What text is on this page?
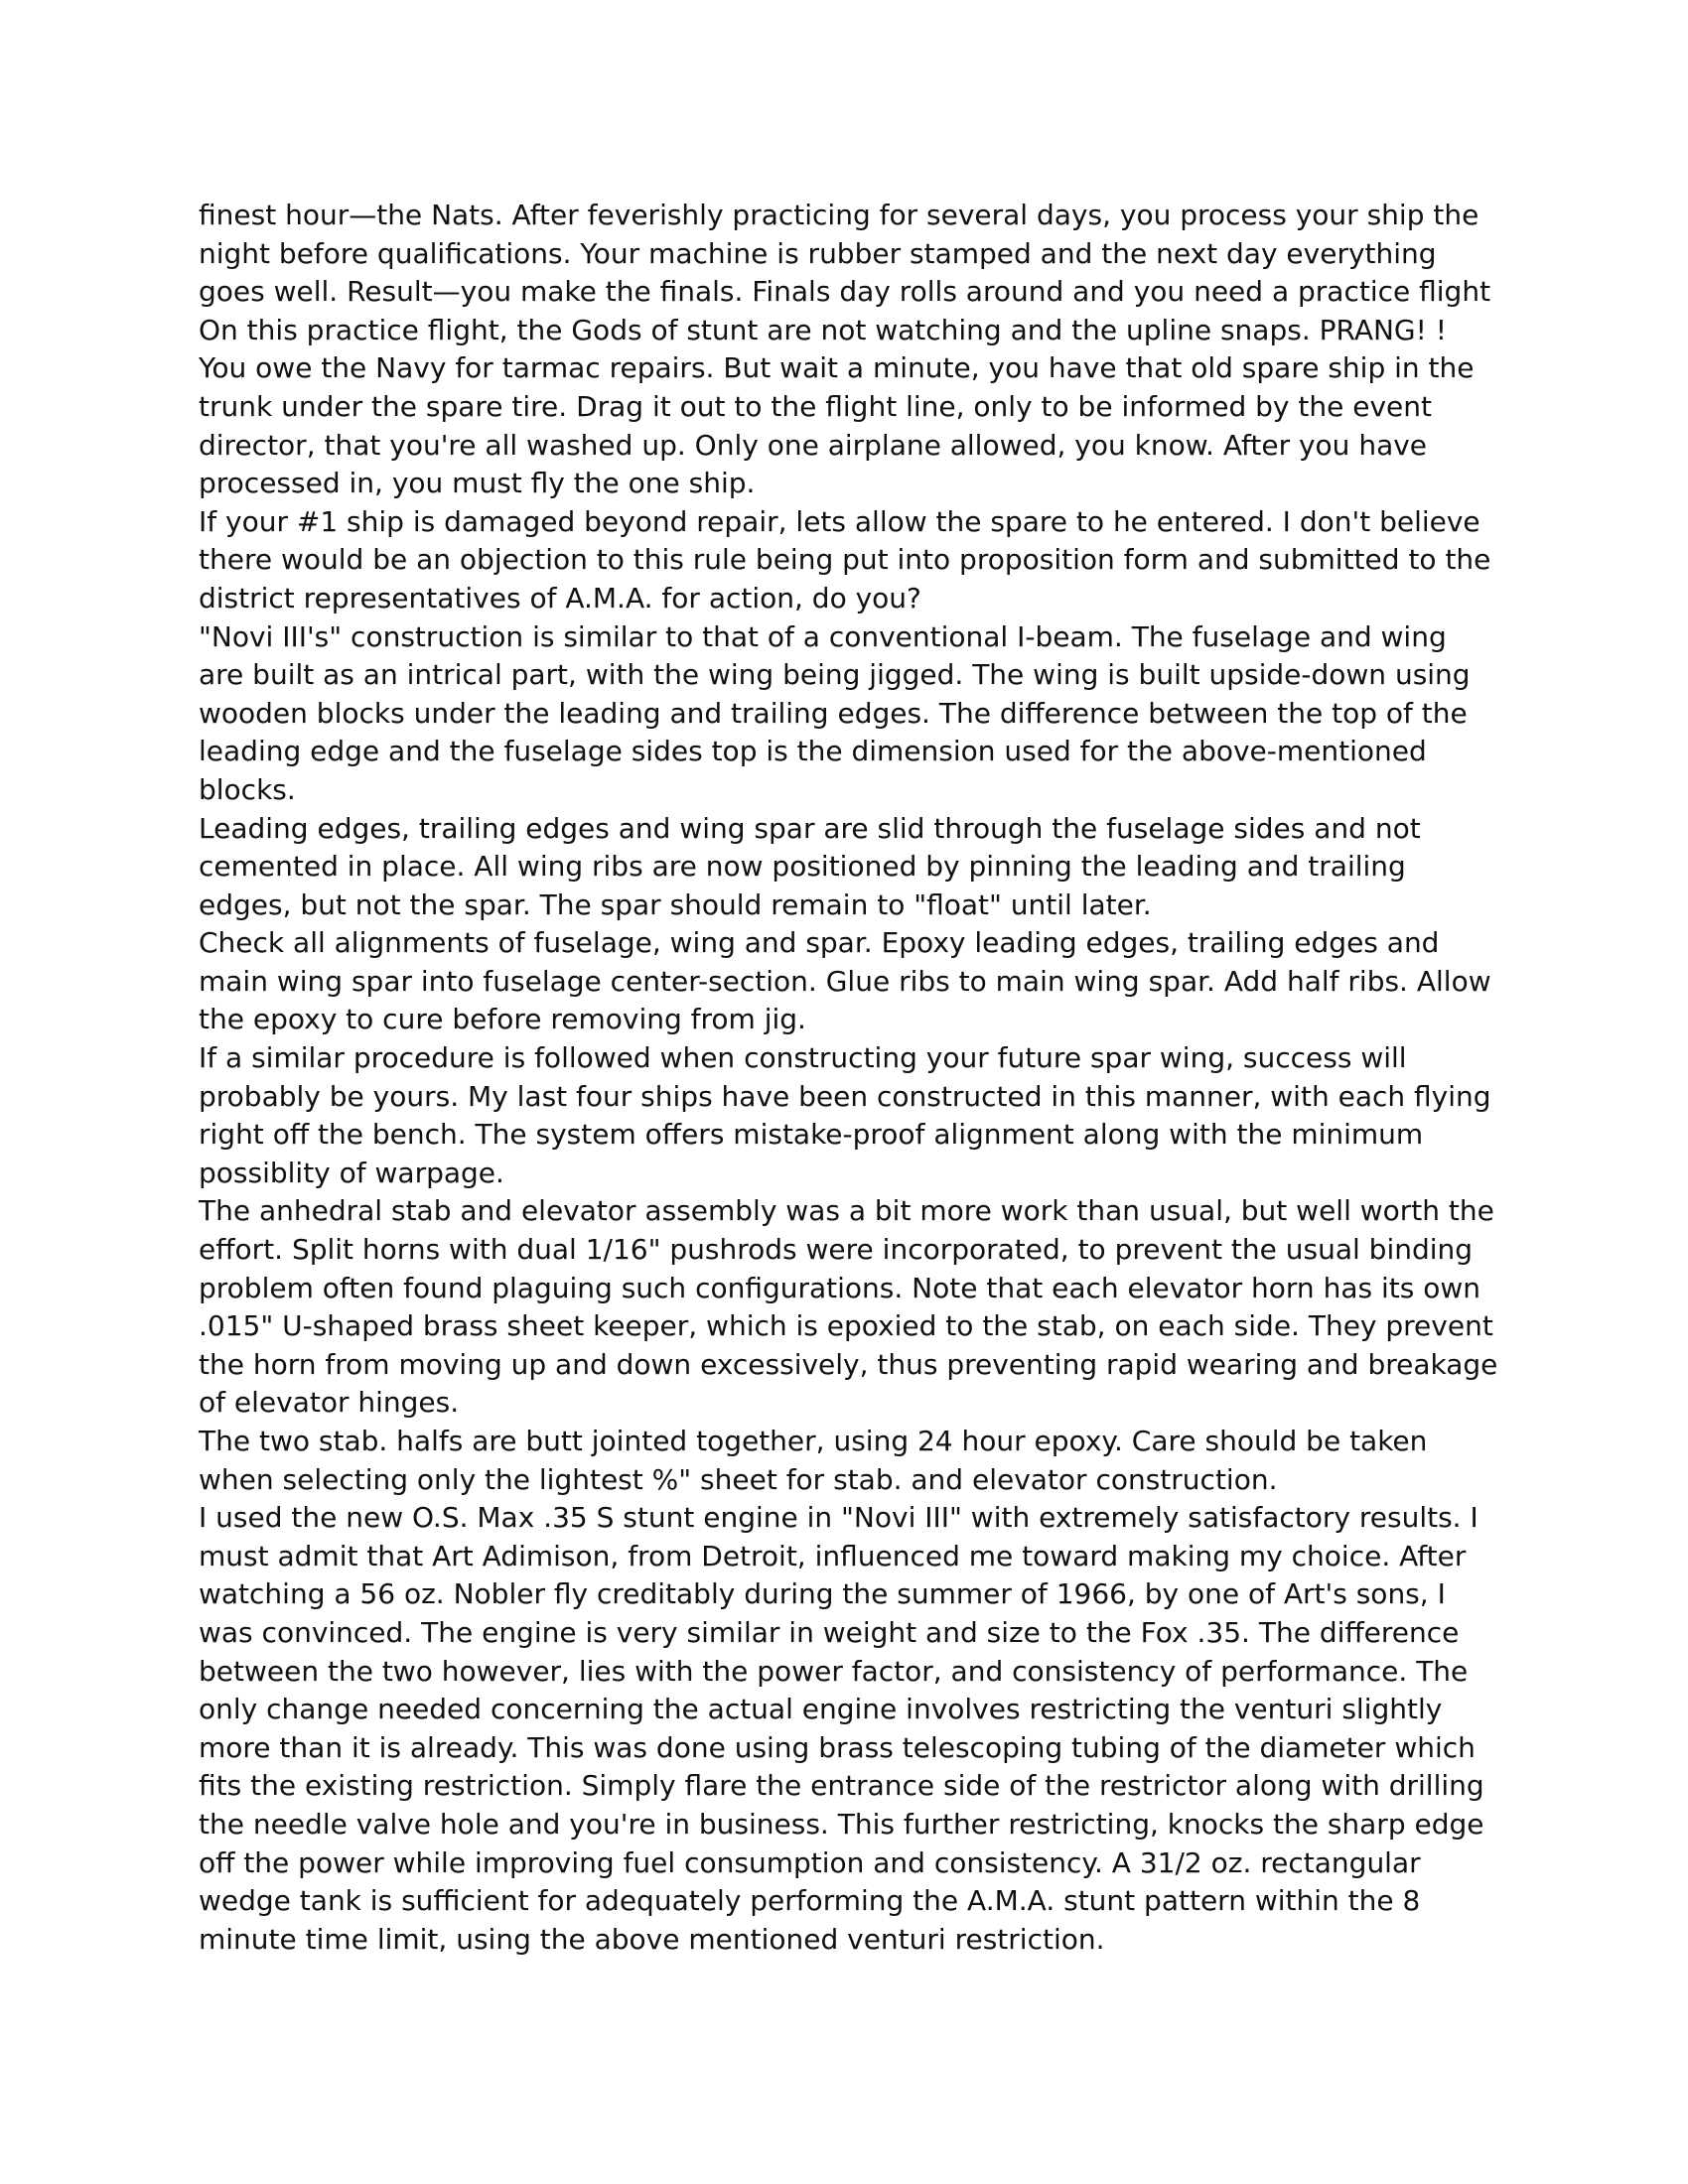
finest hour—the Nats. After feverishly practicing for several days, you process your ship the night before qualifications. Your machine is rubber stamped and the next day everything goes well. Result—you make the finals. Finals day rolls around and you need a practice flight On this practice flight, the Gods of stunt are not watching and the upline snaps. PRANG! ! You owe the Navy for tarmac repairs. But wait a minute, you have that old spare ship in the trunk under the spare tire. Drag it out to the flight line, only to be informed by the event director, that you're all washed up. Only one airplane allowed, you know. After you have processed in, you must fly the one ship.

If your #1 ship is damaged beyond repair, lets allow the spare to he entered. I don't believe there would be an objection to this rule being put into proposition form and submitted to the district representatives of A.M.A. for action, do you?

"Novi III's" construction is similar to that of a conventional I-beam. The fuselage and wing are built as an intrical part, with the wing being jigged. The wing is built upside-down using wooden blocks under the leading and trailing edges. The difference between the top of the leading edge and the fuselage sides top is the dimension used for the above-mentioned blocks.

Leading edges, trailing edges and wing spar are slid through the fuselage sides and not cemented in place. All wing ribs are now positioned by pinning the leading and trailing edges, but not the spar. The spar should remain to "float" until later.

Check all alignments of fuselage, wing and spar. Epoxy leading edges, trailing edges and main wing spar into fuselage center-section. Glue ribs to main wing spar. Add half ribs. Allow the epoxy to cure before removing from jig.

If a similar procedure is followed when constructing your future spar wing, success will probably be yours. My last four ships have been constructed in this manner, with each flying right off the bench. The system offers mistake-proof alignment along with the minimum possiblity of warpage.

The anhedral stab and elevator assembly was a bit more work than usual, but well worth the effort. Split horns with dual 1/16" pushrods were incorporated, to prevent the usual binding problem often found plaguing such configurations. Note that each elevator horn has its own .015" U-shaped brass sheet keeper, which is epoxied to the stab, on each side. They prevent the horn from moving up and down excessively, thus preventing rapid wearing and breakage of elevator hinges.

The two stab. halfs are butt jointed together, using 24 hour epoxy. Care should be taken when selecting only the lightest %" sheet for stab. and elevator construction.

I used the new O.S. Max .35 S stunt engine in "Novi III" with extremely satisfactory results. I must admit that Art Adimison, from Detroit, influenced me toward making my choice. After watching a 56 oz. Nobler fly creditably during the summer of 1966, by one of Art's sons, I was convinced. The engine is very similar in weight and size to the Fox .35. The difference between the two however, lies with the power factor, and consistency of performance. The only change needed concerning the actual engine involves restricting the venturi slightly more than it is already. This was done using brass telescoping tubing of the diameter which fits the existing restriction. Simply flare the entrance side of the restrictor along with drilling the needle valve hole and you're in business. This further restricting, knocks the sharp edge off the power while improving fuel consumption and consistency. A 31/2 oz. rectangular wedge tank is sufficient for adequately performing the A.M.A. stunt pattern within the 8 minute time limit, using the above mentioned venturi restriction.
